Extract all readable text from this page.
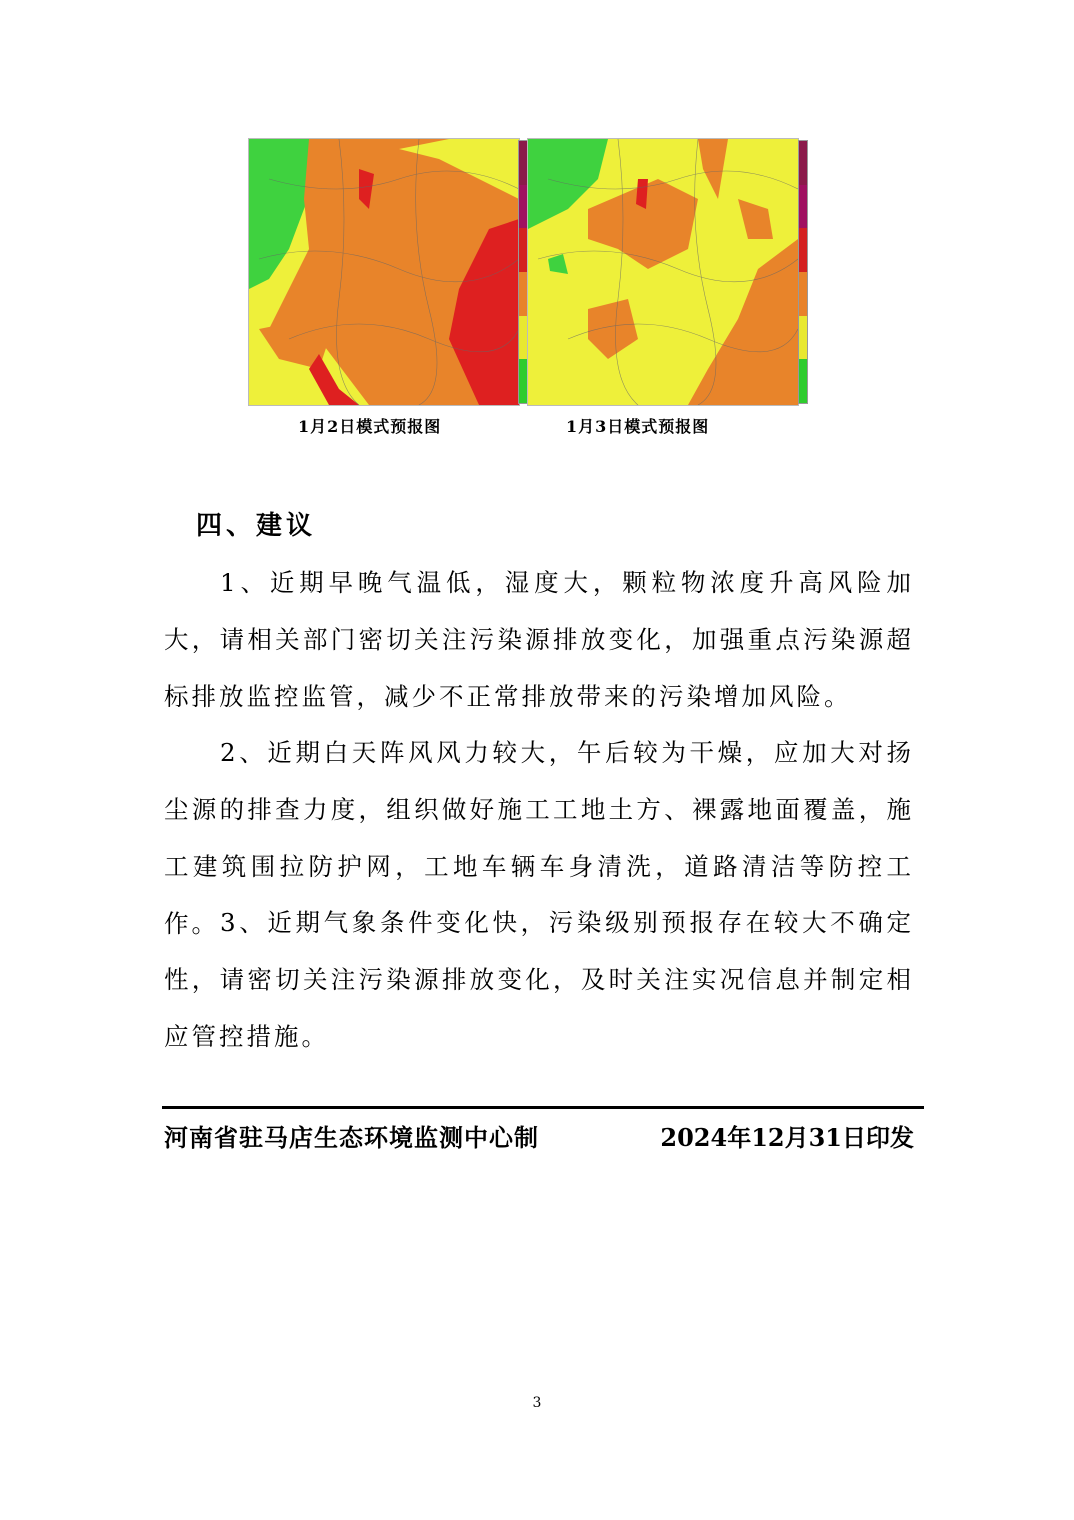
1月2日模式预报图	1月3日模式预报图
四、建议

1、近期早晚气温低，湿度大，颗粒物浓度升高风险加大，请相关部门密切关注污染源排放变化，加强重点污染源超标排放监控监管，减少不正常排放带来的污染增加风险。

2、近期白天阵风风力较大，午后较为干燥，应加大对扬尘源的排查力度，组织做好施工工地土方、裸露地面覆盖，施工建筑围拉防护网，工地车辆车身清洗，道路清洁等防控工作。 3、近期气象条件变化快，污染级别预报存在较大不确定性，请密切关注污染源排放变化，及时关注实况信息并制定相应管控措施。

河南省驻马店生态环境监测中心制	2024年12月31日印发
3
